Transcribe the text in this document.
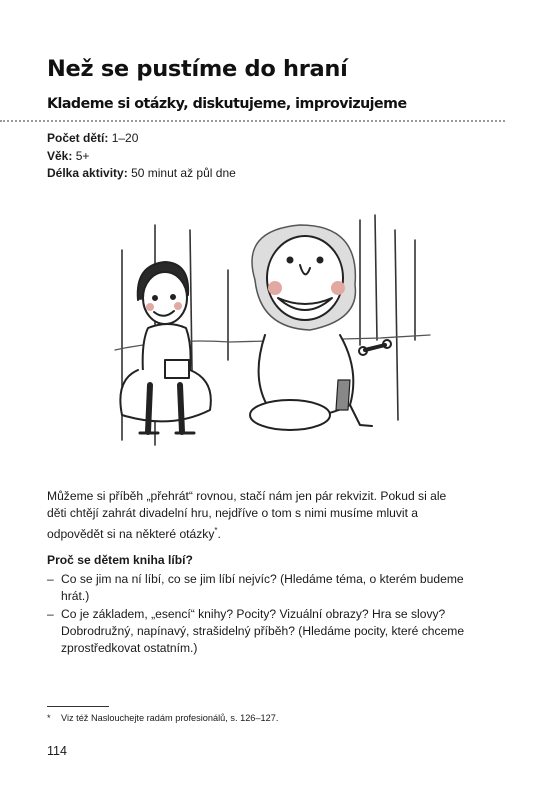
Než se pustíme do hraní
Klademe si otázky, diskutujeme, improvizujeme
Počet dětí: 1–20
Věk: 5+
Délka aktivity: 50 minut až půl dne

Můžeme si příběh „přehrát“ rovnou, stačí nám jen pár rekvizit. Pokud si ale děti chtějí zahrát divadelní hru, nejdříve o tom s nimi musíme mluvit a odpovědět si na některé otázky*.

Proč se dětem kniha líbí?

– Co se jim na ní líbí, co se jim líbí nejvíc? (Hledáme téma, o kterém budeme hrát.)
– Co je základem, „esencí“ knihy? Pocity? Vizuální obrazy? Hra se slovy? Dobrodružný, napínavý, strašidelný příběh? (Hledáme pocity, které chceme zprostředkovat ostatním.)
* Viz též Naslouchejte radám profesionálů, s. 126–127.
114
